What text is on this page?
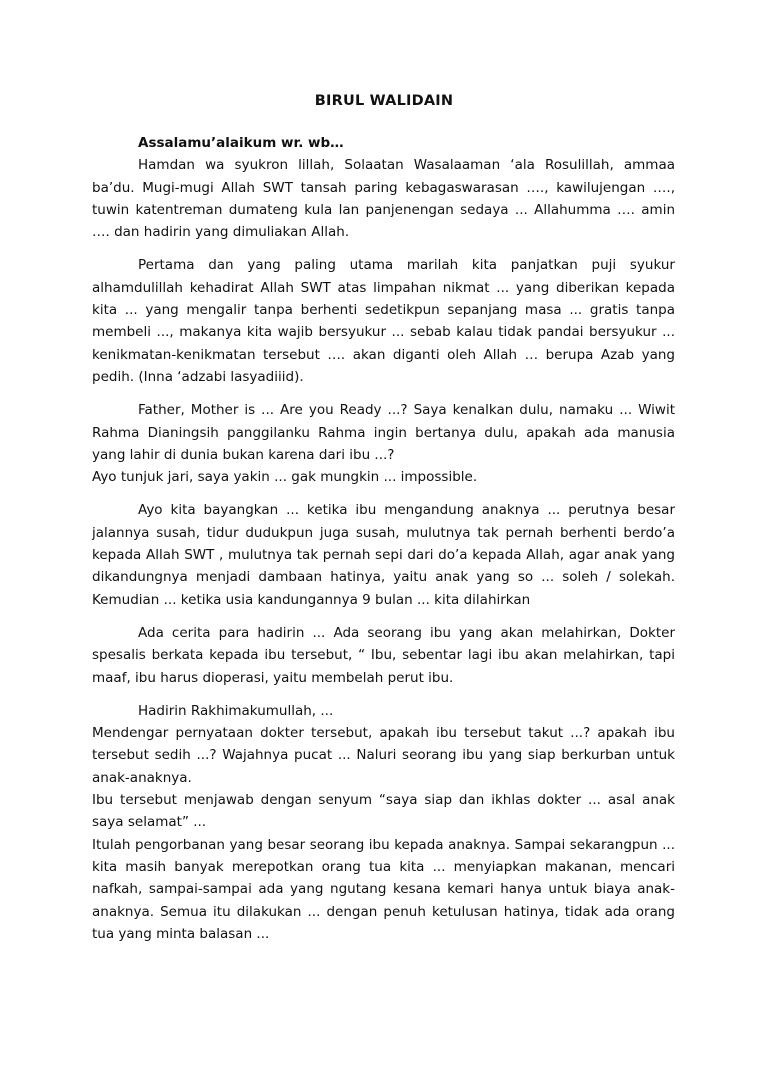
BIRUL WALIDAIN

Assalamu’alaikum wr. wb…

Hamdan wa syukron lillah, Solaatan Wasalaaman ‘ala Rosulillah, ammaa ba’du. Mugi-mugi Allah SWT tansah paring kebagaswarasan …., kawilujengan …., tuwin katentreman dumateng kula lan panjenengan sedaya ... Allahumma …. amin …. dan hadirin yang dimuliakan Allah.

Pertama dan yang paling utama marilah kita panjatkan puji syukur alhamdulillah kehadirat Allah SWT atas limpahan nikmat ... yang diberikan kepada kita ... yang mengalir tanpa berhenti sedetikpun sepanjang masa ... gratis tanpa membeli ..., makanya kita wajib bersyukur ... sebab kalau tidak pandai bersyukur ... kenikmatan-kenikmatan tersebut …. akan diganti oleh Allah … berupa Azab yang pedih. (Inna ‘adzabi lasyadiiid).

Father, Mother is ... Are you Ready ...? Saya kenalkan dulu, namaku ... Wiwit Rahma Dianingsih panggilanku Rahma ingin bertanya dulu, apakah ada manusia yang lahir di dunia bukan karena dari ibu ...?

Ayo tunjuk jari, saya yakin ... gak mungkin ... impossible.

Ayo kita bayangkan ... ketika ibu mengandung anaknya ... perutnya besar jalannya susah, tidur dudukpun juga susah, mulutnya tak pernah berhenti berdo’a kepada Allah SWT , mulutnya tak pernah sepi dari do’a kepada Allah, agar anak yang dikandungnya menjadi dambaan hatinya, yaitu anak yang so ... soleh / solekah. Kemudian ... ketika usia kandungannya 9 bulan ... kita dilahirkan

Ada cerita para hadirin ... Ada seorang ibu yang akan melahirkan, Dokter spesalis berkata kepada ibu tersebut, “ Ibu, sebentar lagi ibu akan melahirkan, tapi maaf, ibu harus dioperasi, yaitu membelah perut ibu.

Hadirin Rakhimakumullah, ...

Mendengar pernyataan dokter tersebut, apakah ibu tersebut takut ...? apakah ibu tersebut sedih ...? Wajahnya pucat ... Naluri seorang ibu yang siap berkurban untuk anak-anaknya.

Ibu tersebut menjawab dengan senyum “saya siap dan ikhlas dokter ... asal anak saya selamat” ...

Itulah pengorbanan yang besar seorang ibu kepada anaknya. Sampai sekarangpun ... kita masih banyak merepotkan orang tua kita ... menyiapkan makanan, mencari nafkah, sampai-sampai ada yang ngutang kesana kemari hanya untuk biaya anak-anaknya. Semua itu dilakukan ... dengan penuh ketulusan hatinya, tidak ada orang tua yang minta balasan ...
